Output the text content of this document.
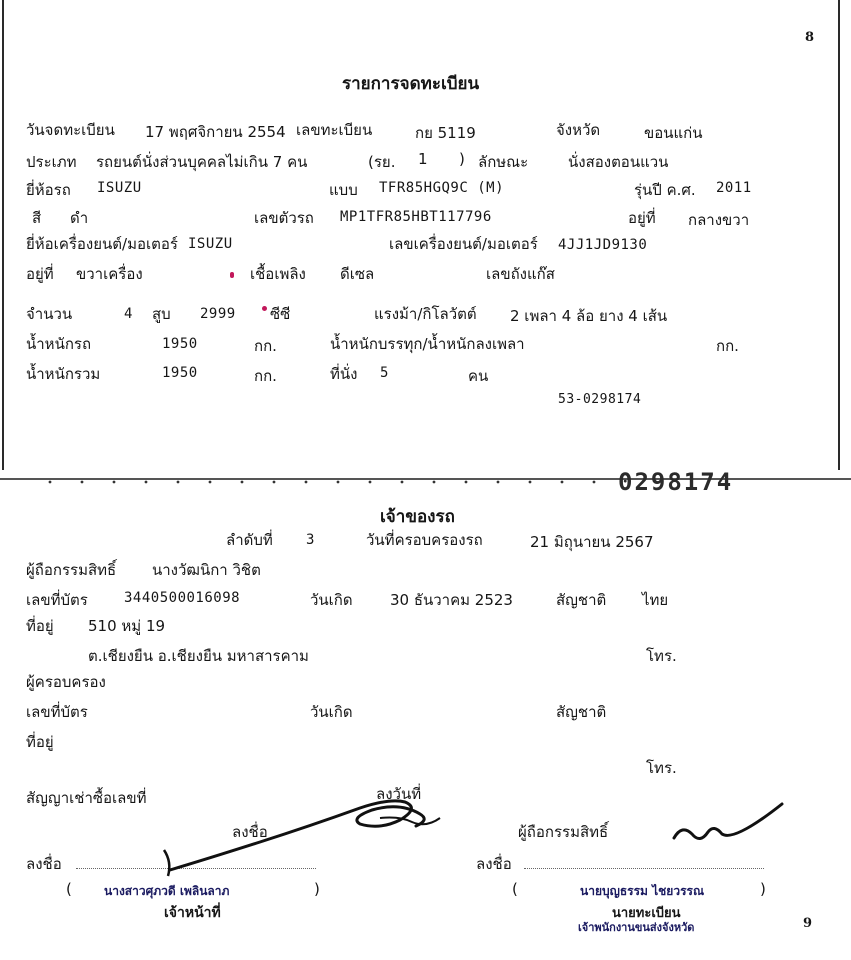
8
9
รายการจดทะเบียน
วันจดทะเบียน 17 พฤศจิกายน 2554 เลขทะเบียน	กย 5119	จังหวัด	ขอนแก่น
ประเภท รถยนต์นั่งส่วนบุคคลไม่เกิน 7 คน	(รย. 1 ) ลักษณะ	นั่งสองตอนแวน
ยี่ห้อรถ ISUZU	แบบ TFR85HGQ9C (M)	รุ่นปี ค.ศ. 2011
สี ดำ	เลขตัวรถ MP1TFR85HBT117796	อยู่ที่ กลางขวา
ยี่ห้อเครื่องยนต์/มอเตอร์ ISUZU	เลขเครื่องยนต์/มอเตอร์ 4JJ1JD9130
อยู่ที่ ขวาเครื่อง	เชื้อเพลิง ดีเซล	เลขถังแก๊ส
จำนวน	4 สูบ 2999 ซีซี	แรงม้า/กิโลวัตต์ 2 เพลา 4 ล้อ ยาง 4 เส้น
น้ำหนักรถ	1950	กก.	น้ำหนักบรรทุก/น้ำหนักลงเพลา	กก.
น้ำหนักรวม	1950	กก.	ที่นั่ง 5	คน
53-0298174
0298174
เจ้าของรถ
ลำดับที่ 3	วันที่ครอบครองรถ	21 มิถุนายน 2567
ผู้ถือกรรมสิทธิ์ นางวัฒนิกา วิชิต
เลขที่บัตร	3440500016098	วันเกิด 30 ธันวาคม 2523	สัญชาติ ไทย
ที่อยู่ 510 หมู่ 19
ต.เชียงยืน อ.เชียงยืน มหาสารคาม	โทร.
ผู้ครอบครอง
เลขที่บัตร	วันเกิด	สัญชาติ
ที่อยู่
โทร.
สัญญาเช่าซื้อเลขที่	ลงวันที่
ลงชื่อ	ผู้ถือกรรมสิทธิ์
ลงชื่อ	ลงชื่อ
(	นางสาวศุภวดี เพลินลาภ	)
เจ้าหน้าที่
(	นายบุญธรรม ไชยวรรณ	)
นายทะเบียน
เจ้าพนักงานขนส่งจังหวัด
